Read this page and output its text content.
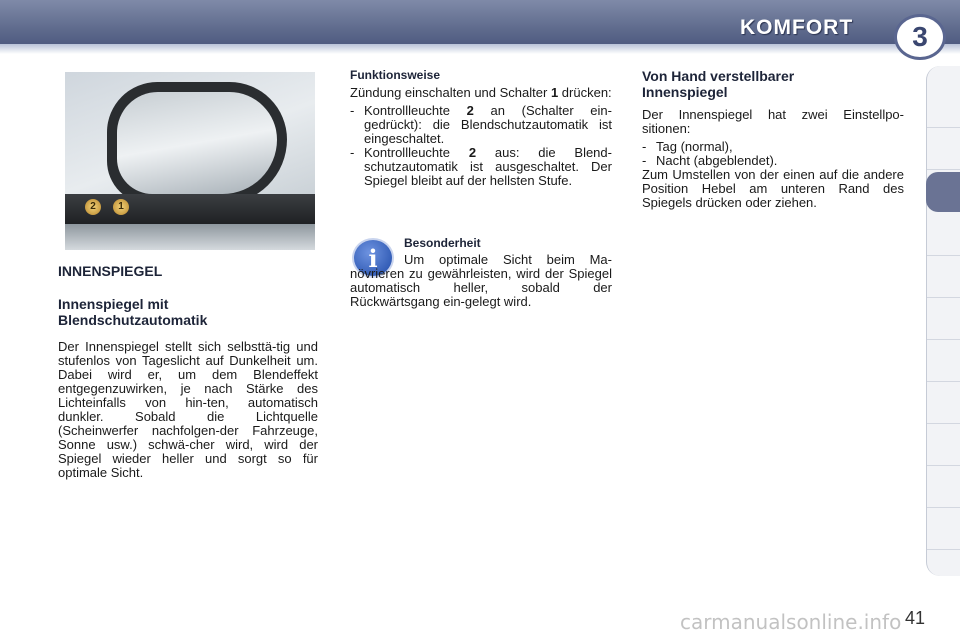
KOMFORT 3
2	1
INNENSPIEGEL
Innenspiegel mit Blendschutzautomatik

Der Innenspiegel stellt sich selbsttä-tig und stufenlos von Tageslicht auf Dunkelheit um. Dabei wird er, um dem Blendeffekt entgegenzuwirken, je nach Stärke des Lichteinfalls von hin-ten, automatisch dunkler. Sobald die Lichtquelle (Scheinwerfer nachfolgen-der Fahrzeuge, Sonne usw.) schwä-cher wird, wird der Spiegel wieder heller und sorgt so für optimale Sicht.

Funktionsweise

Zündung einschalten und Schalter 1 drücken:

- Kontrollleuchte 2 an (Schalter ein-gedrückt): die Blendschutzautomatik ist eingeschaltet.
- Kontrollleuchte 2 aus: die Blend-schutzautomatik ist ausgeschaltet. Der Spiegel bleibt auf der hellsten Stufe.
i
Besonderheit

Um optimale Sicht beim Ma-növrieren zu gewährleisten, wird der Spiegel automatisch heller, sobald der Rückwärtsgang ein-gelegt wird.

Von Hand verstellbarer Innenspiegel

Der Innenspiegel hat zwei Einstellpo-sitionen:

- Tag (normal),
- Nacht (abgeblendet).

Zum Umstellen von der einen auf die andere Position Hebel am unteren Rand des Spiegels drücken oder ziehen.

carmanualsonline.info 41
